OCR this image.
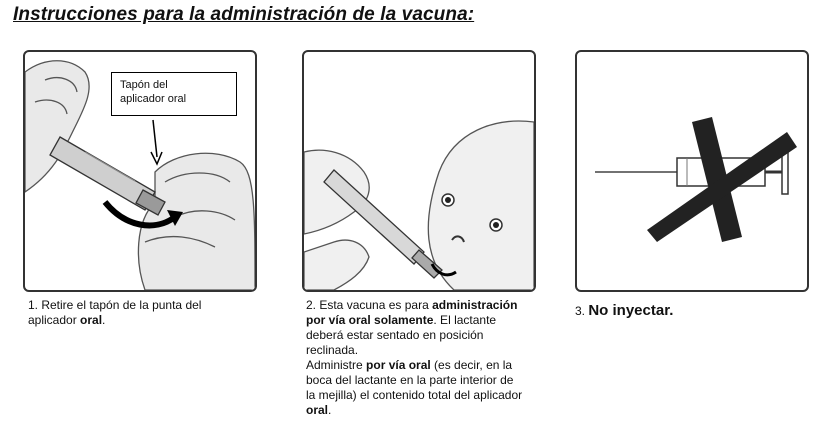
Instrucciones para la administración de la vacuna:
Tapón del
aplicador oral
1. Retire el tapón de la punta del
aplicador oral.
2. Esta vacuna es para administración
por vía oral solamente. El lactante
deberá estar sentado en posición
reclinada.
Administre por vía oral (es decir, en la
boca del lactante en la parte interior de
la mejilla) el contenido total del aplicador
oral.
3. No inyectar.
